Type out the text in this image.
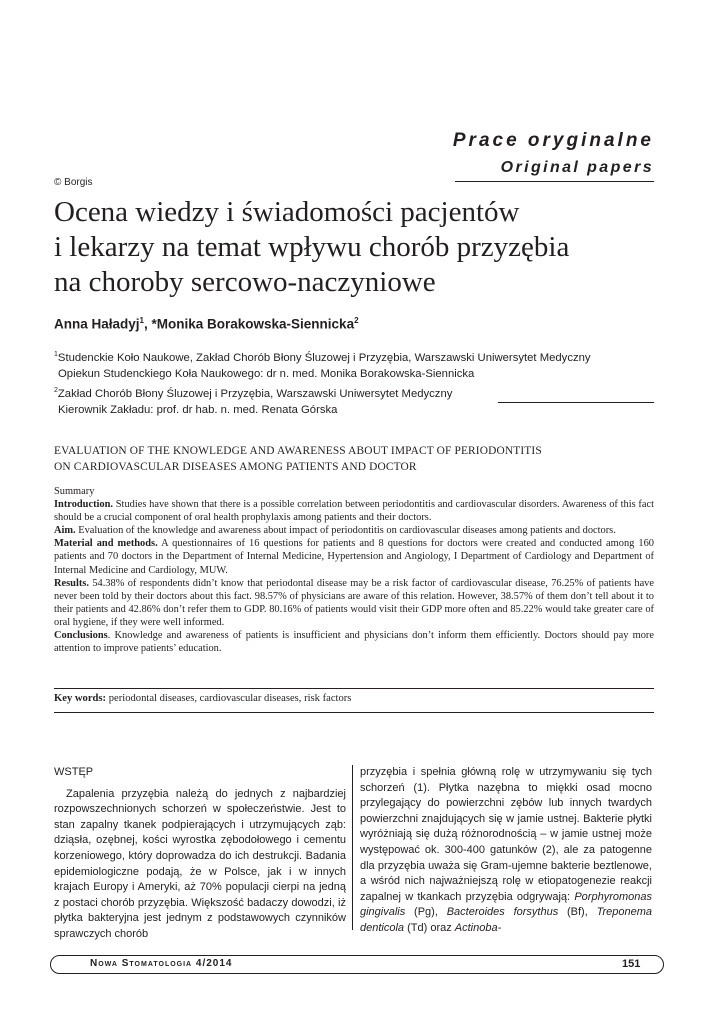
Prace oryginalne
Original papers
© Borgis
Ocena wiedzy i świadomości pacjentów
i lekarzy na temat wpływu chorób przyzębia
na choroby sercowo-naczyniowe
Anna Haładyj$^1$, *Monika Borakowska-Siennicka$^2$
$^1$Studenckie Koło Naukowe, Zakład Chorób Błony Śluzowej i Przyzębia, Warszawski Uniwersytet Medyczny
Opiekun Studenckiego Koła Naukowego: dr n. med. Monika Borakowska-Siennicka
$^2$Zakład Chorób Błony Śluzowej i Przyzębia, Warszawski Uniwersytet Medyczny
Kierownik Zakładu: prof. dr hab. n. med. Renata Górska
EVALUATION OF THE KNOWLEDGE AND AWARENESS ABOUT IMPACT OF PERIODONTITIS
ON CARDIOVASCULAR DISEASES AMONG PATIENTS AND DOCTOR

Summary

Introduction. Studies have shown that there is a possible correlation between periodontitis and cardiovascular disorders. Awareness of this fact should be a crucial component of oral health prophylaxis among patients and their doctors.

Aim. Evaluation of the knowledge and awareness about impact of periodontitis on cardiovascular diseases among patients and doctors.

Material and methods. A questionnaires of 16 questions for patients and 8 questions for doctors were created and conducted among 160 patients and 70 doctors in the Department of Internal Medicine, Hypertension and Angiology, I Department of Cardiology and Department of Internal Medicine and Cardiology, MUW.

Results. 54.38% of respondents didn’t know that periodontal disease may be a risk factor of cardiovascular disease, 76.25% of patients have never been told by their doctors about this fact. 98.57% of physicians are aware of this relation. However, 38.57% of them don’t tell about it to their patients and 42.86% don’t refer them to GDP. 80.16% of patients would visit their GDP more often and 85.22% would take greater care of oral hygiene, if they were well informed.

Conclusions. Knowledge and awareness of patients is insufficient and physicians don’t inform them efficiently. Doctors should pay more attention to improve patients’ education.

Key words: periodontal diseases, cardiovascular diseases, risk factors

WSTĘP

Zapalenia przyzębia należą do jednych z najbardziej rozpowszechnionych schorzeń w społeczeństwie. Jest to stan zapalny tkanek podpierających i utrzymujących ząb: dziąsła, ozębnej, kości wyrostka zębodołowego i cementu korzeniowego, który doprowadza do ich destrukcji. Badania epidemiologiczne podają, że w Polsce, jak i w innych krajach Europy i Ameryki, aż 70% populacji cierpi na jedną z postaci chorób przyzębia. Większość badaczy dowodzi, iż płytka bakteryjna jest jednym z podstawowych czynników sprawczych chorób

przyzębia i spełnia główną rolę w utrzymywaniu się tych schorzeń (1). Płytka nazębna to miękki osad mocno przylegający do powierzchni zębów lub innych twardych powierzchni znajdujących się w jamie ustnej. Bakterie płytki wyróżniają się dużą różnorodnością – w jamie ustnej może występować ok. 300-400 gatunków (2), ale za patogenne dla przyzębia uważa się Gram-ujemne bakterie beztlenowe, a wśród nich najważniejszą rolę w etiopatogenezie reakcji zapalnej w tkankach przyzębia odgrywają: Porphyromonas gingivalis (Pg), Bacteroides forsythus (Bf), Treponema denticola (Td) oraz Actinoba-

Nowa Stomatologia 4/2014	151
